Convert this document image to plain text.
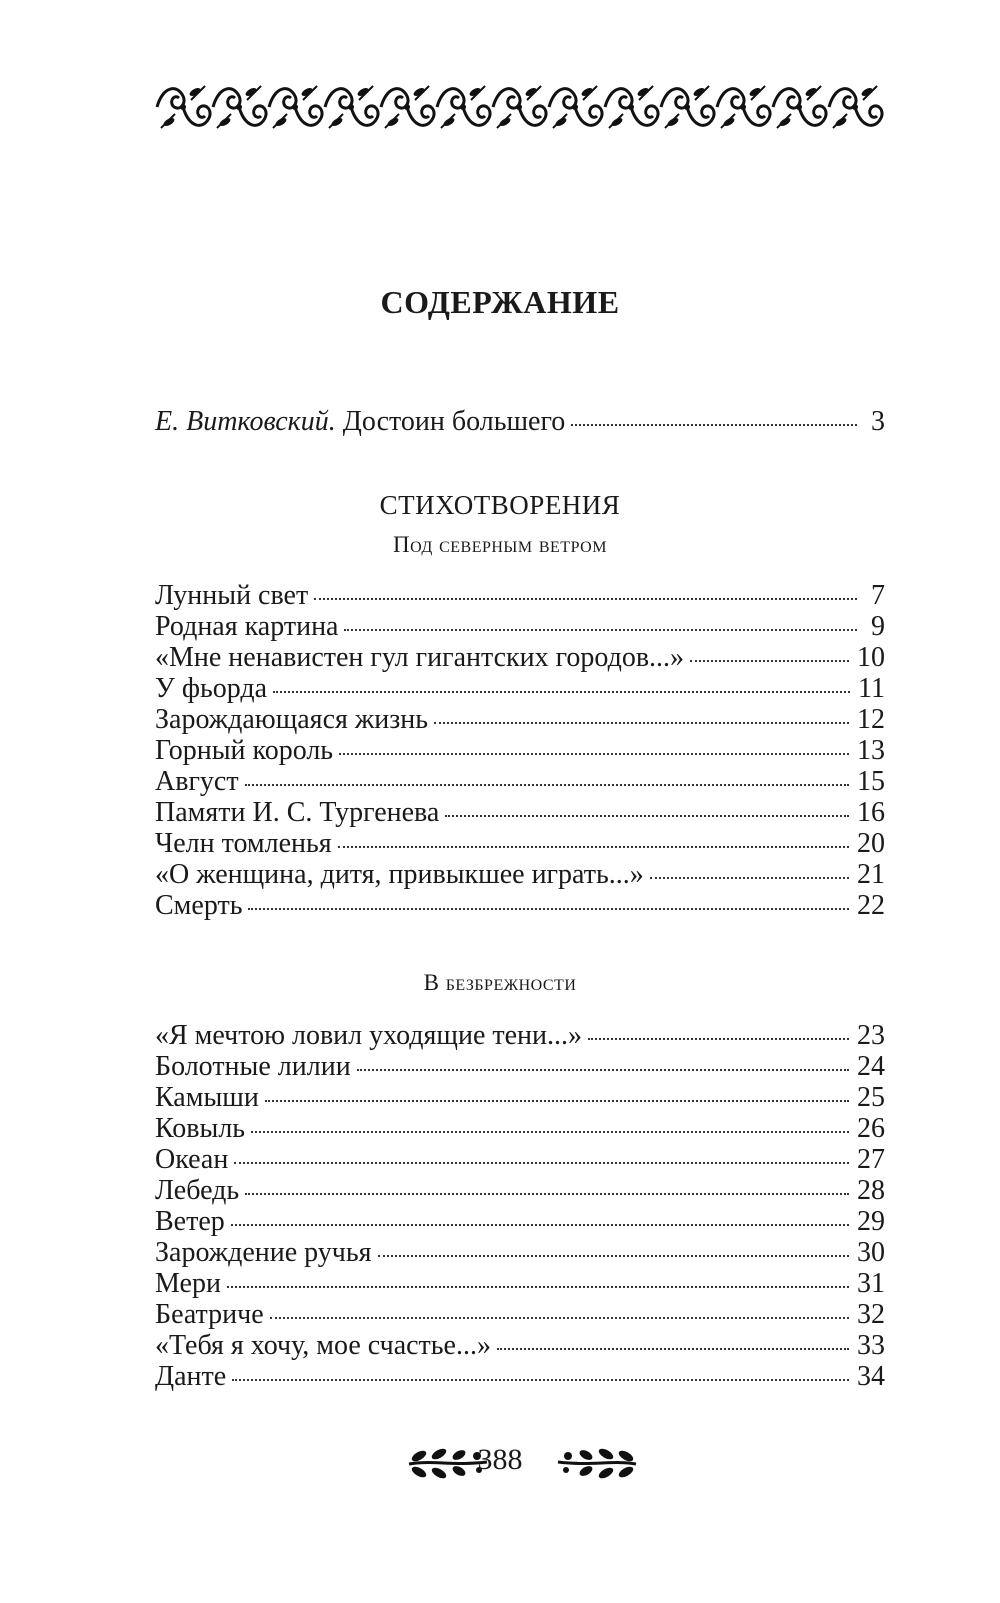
СОДЕРЖАНИЕ
Е. Витковский. Достоин большего	3
СТИХОТВОРЕНИЯ
Под северным ветром
Лунный свет	7
Родная картина	9
«Мне ненавистен гул гигантских городов...»	10
У фьорда	11
Зарождающаяся жизнь	12
Горный король	13
Август	15
Памяти И. С. Тургенева	16
Челн томленья	20
«О женщина, дитя, привыкшее играть...»	21
Смерть	22
В безбрежности
«Я мечтою ловил уходящие тени...»	23
Болотные лилии	24
Камыши	25
Ковыль	26
Океан	27
Лебедь	28
Ветер	29
Зарождение ручья	30
Мери	31
Беатриче	32
«Тебя я хочу, мое счастье...»	33
Данте	34
388
